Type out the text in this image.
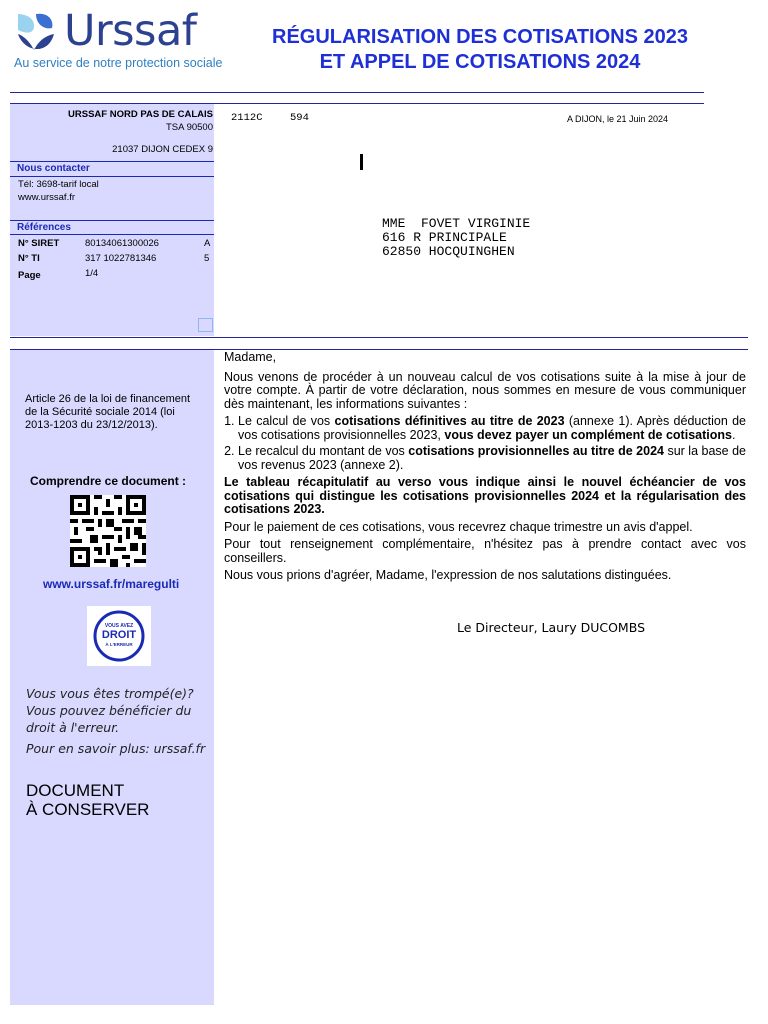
Urssaf
Au service de notre protection sociale
RÉGULARISATION DES COTISATIONS 2023
ET APPEL DE COTISATIONS 2024
URSSAF NORD PAS DE CALAIS
TSA 90500
21037 DIJON CEDEX 9
Nous contacter
Tél: 3698-tarif local
www.urssaf.fr
Références
N° SIRET	80134061300026	A
N° TI	317 1022781346	5
Page	1/4
2112C	594	A DIJON, le 21 Juin 2024
MME  FOVET VIRGINIE
616 R PRINCIPALE
62850 HOCQUINGHEN

Madame,

Nous venons de procéder à un nouveau calcul de vos cotisations suite à la mise à jour de votre compte. À partir de votre déclaration, nous sommes en mesure de vous communiquer dès maintenant, les informations suivantes :

1. Le calcul de vos cotisations définitives au titre de 2023 (annexe 1). Après déduction de vos cotisations provisionnelles 2023, vous devez payer un complément de cotisations.
2. Le recalcul du montant de vos cotisations provisionnelles au titre de 2024 sur la base de vos revenus 2023 (annexe 2).

Le tableau récapitulatif au verso vous indique ainsi le nouvel échéancier de vos cotisations qui distingue les cotisations provisionnelles 2024 et la régularisation des cotisations 2023.

Pour le paiement de ces cotisations, vous recevrez chaque trimestre un avis d'appel.

Pour tout renseignement complémentaire, n'hésitez pas à prendre contact avec vos conseillers.

Nous vous prions d'agréer, Madame, l'expression de nos salutations distinguées.

Le Directeur, Laury DUCOMBS
Article 26 de la loi de financement de la Sécurité sociale 2014 (loi 2013-1203 du 23/12/2013).
Comprendre ce document :
www.urssaf.fr/maregulti
VOUS AVEZ
DROIT
À L'ERREUR
Vous vous êtes trompé(e)? Vous pouvez bénéficier du droit à l'erreur.
Pour en savoir plus: urssaf.fr
DOCUMENT
À CONSERVER
